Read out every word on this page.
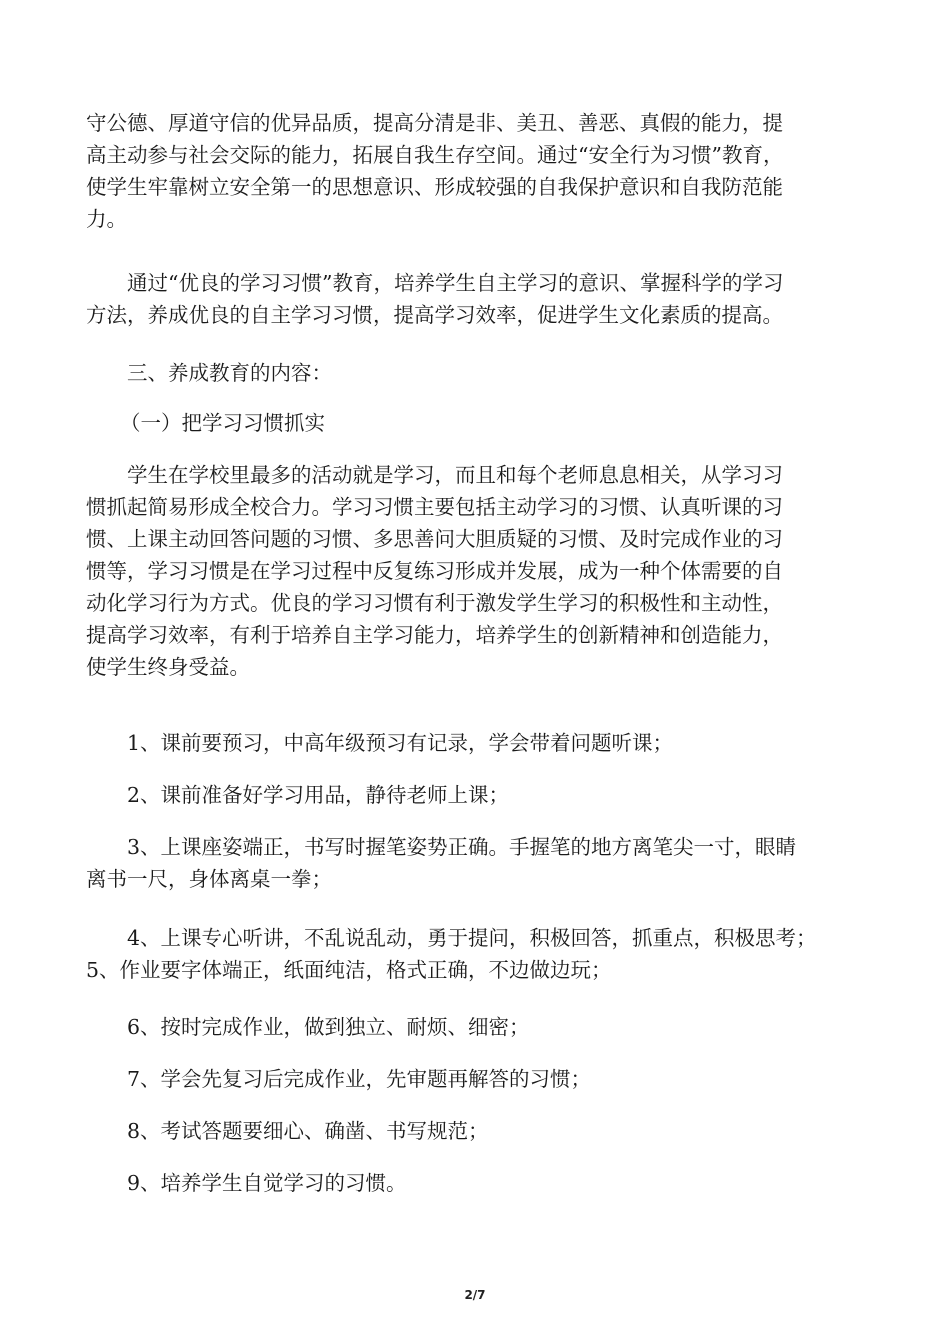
守公德、厚道守信的优异品质，提高分清是非、美丑、善恶、真假的能力，提
高主动参与社会交际的能力，拓展自我生存空间。通过“安全行为习惯”教育，
使学生牢靠树立安全第一的思想意识、形成较强的自我保护意识和自我防范能
力。
通过“优良的学习习惯”教育，培养学生自主学习的意识、掌握科学的学习
方法，养成优良的自主学习习惯，提高学习效率，促进学生文化素质的提高。
三、养成教育的内容：
（一）把学习习惯抓实
学生在学校里最多的活动就是学习，而且和每个老师息息相关，从学习习
惯抓起简易形成全校合力。学习习惯主要包括主动学习的习惯、认真听课的习
惯、上课主动回答问题的习惯、多思善问大胆质疑的习惯、及时完成作业的习
惯等，学习习惯是在学习过程中反复练习形成并发展，成为一种个体需要的自
动化学习行为方式。优良的学习习惯有利于激发学生学习的积极性和主动性，
提高学习效率，有利于培养自主学习能力，培养学生的创新精神和创造能力，
使学生终身受益。
1、课前要预习，中高年级预习有记录，学会带着问题听课；
2、课前准备好学习用品，静待老师上课；
3、上课座姿端正，书写时握笔姿势正确。手握笔的地方离笔尖一寸，眼睛
离书一尺，身体离桌一拳；
4、上课专心听讲，不乱说乱动，勇于提问，积极回答，抓重点，积极思考；
5、作业要字体端正，纸面纯洁，格式正确，不边做边玩；
6、按时完成作业，做到独立、耐烦、细密；
7、学会先复习后完成作业，先审题再解答的习惯；
8、考试答题要细心、确凿、书写规范；
9、培养学生自觉学习的习惯。
2/7
